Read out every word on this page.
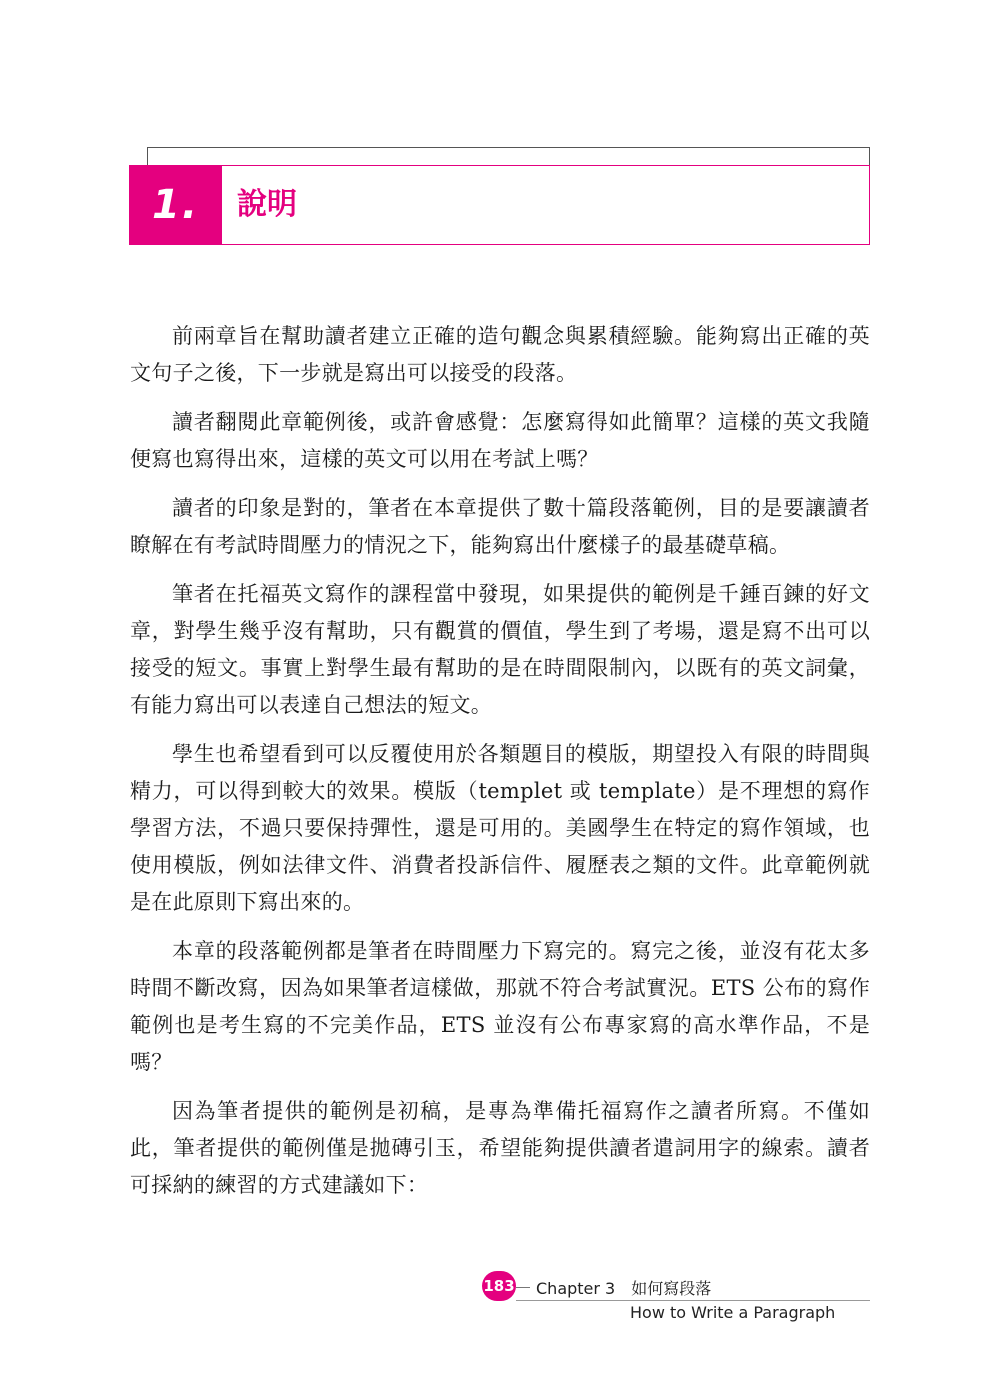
1. 說明

前兩章旨在幫助讀者建立正確的造句觀念與累積經驗。能夠寫出正確的英文句子之後，下一步就是寫出可以接受的段落。

讀者翻閱此章範例後，或許會感覺：怎麼寫得如此簡單？這樣的英文我隨便寫也寫得出來，這樣的英文可以用在考試上嗎？

讀者的印象是對的，筆者在本章提供了數十篇段落範例，目的是要讓讀者瞭解在有考試時間壓力的情況之下，能夠寫出什麼樣子的最基礎草稿。

筆者在托福英文寫作的課程當中發現，如果提供的範例是千錘百鍊的好文章，對學生幾乎沒有幫助，只有觀賞的價值，學生到了考場，還是寫不出可以接受的短文。事實上對學生最有幫助的是在時間限制內，以既有的英文詞彙，有能力寫出可以表達自己想法的短文。

學生也希望看到可以反覆使用於各類題目的模版，期望投入有限的時間與精力，可以得到較大的效果。模版（templet 或 template）是不理想的寫作學習方法，不過只要保持彈性，還是可用的。美國學生在特定的寫作領域，也使用模版，例如法律文件、消費者投訴信件、履歷表之類的文件。此章範例就是在此原則下寫出來的。

本章的段落範例都是筆者在時間壓力下寫完的。寫完之後，並沒有花太多時間不斷改寫，因為如果筆者這樣做，那就不符合考試實況。ETS 公布的寫作範例也是考生寫的不完美作品，ETS 並沒有公布專家寫的高水準作品，不是嗎？

因為筆者提供的範例是初稿，是專為準備托福寫作之讀者所寫。不僅如此，筆者提供的範例僅是拋磚引玉，希望能夠提供讀者遣詞用字的線索。讀者可採納的練習的方式建議如下：

183 Chapter 3　如何寫段落
How to Write a Paragraph
